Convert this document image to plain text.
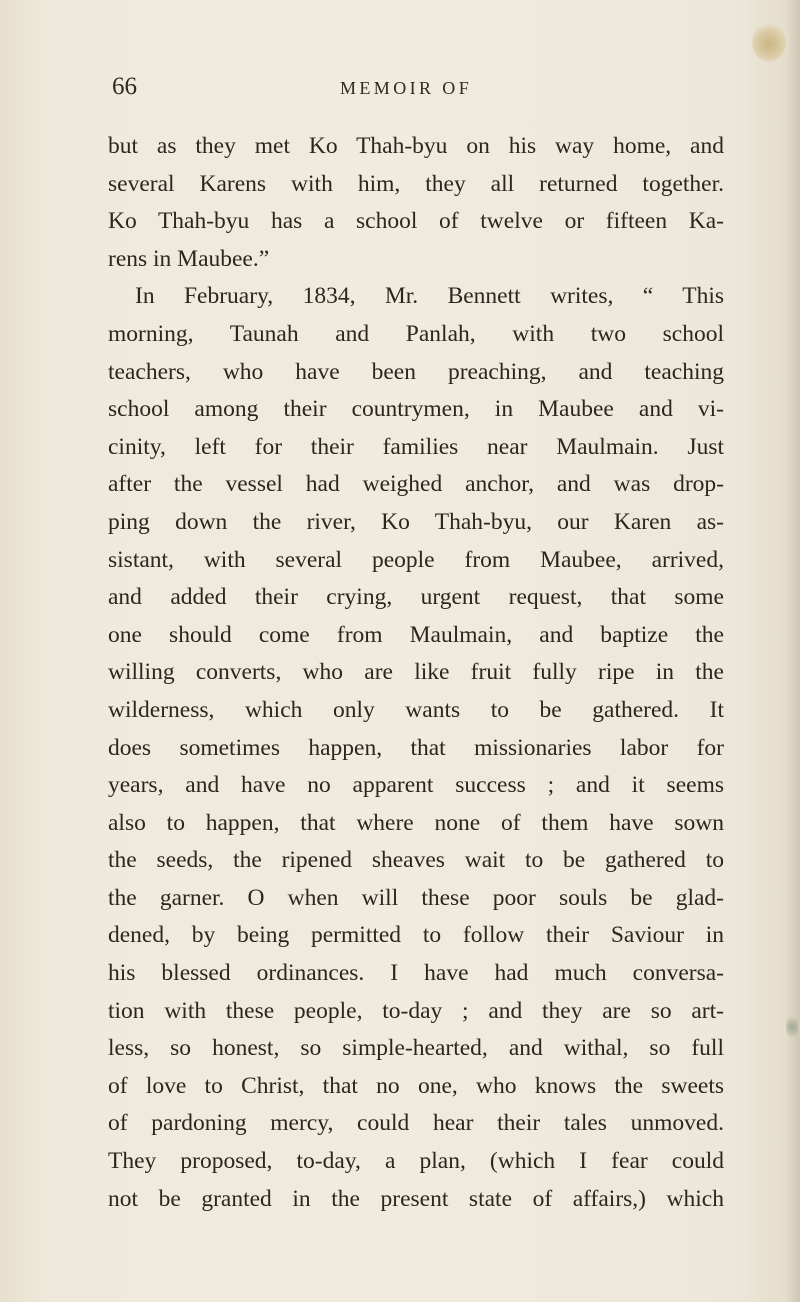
66	MEMOIR OF
but as they met Ko Thah-byu on his way home, and
several Karens with him, they all returned together.
Ko Thah-byu has a school of twelve or fifteen Ka-
rens in Maubee.”
In February, 1834, Mr. Bennett writes, “ This
morning, Taunah and Panlah, with two school
teachers, who have been preaching, and teaching
school among their countrymen, in Maubee and vi-
cinity, left for their families near Maulmain. Just
after the vessel had weighed anchor, and was drop-
ping down the river, Ko Thah-byu, our Karen as-
sistant, with several people from Maubee, arrived,
and added their crying, urgent request, that some
one should come from Maulmain, and baptize the
willing converts, who are like fruit fully ripe in the
wilderness, which only wants to be gathered. It
does sometimes happen, that missionaries labor for
years, and have no apparent success ; and it seems
also to happen, that where none of them have sown
the seeds, the ripened sheaves wait to be gathered to
the garner. O when will these poor souls be glad-
dened, by being permitted to follow their Saviour in
his blessed ordinances. I have had much conversa-
tion with these people, to-day ; and they are so art-
less, so honest, so simple-hearted, and withal, so full
of love to Christ, that no one, who knows the sweets
of pardoning mercy, could hear their tales unmoved.
They proposed, to-day, a plan, (which I fear could
not be granted in the present state of affairs,) which
